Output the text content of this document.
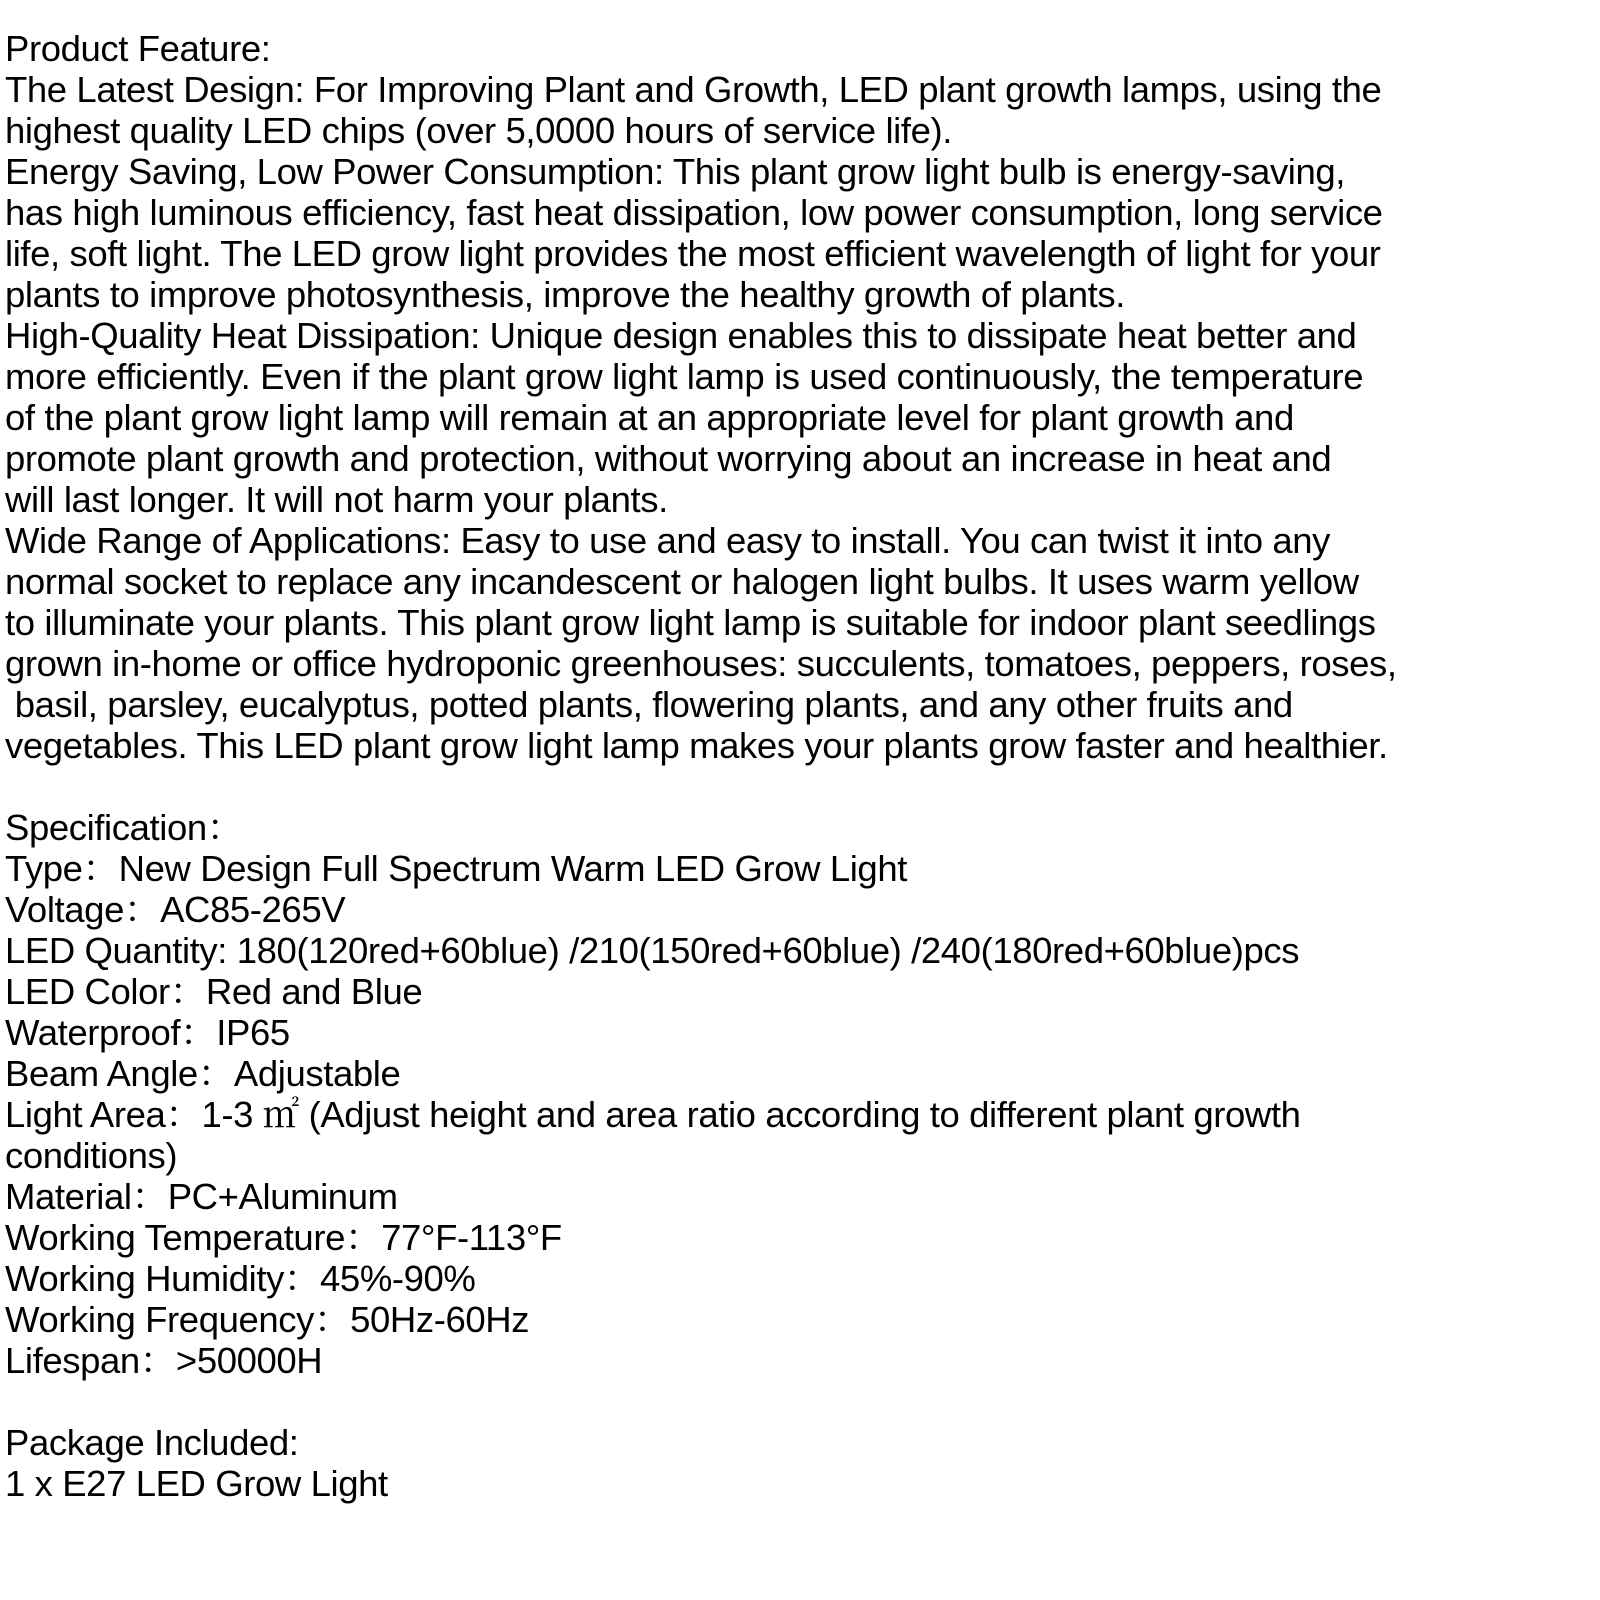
Product Feature:
The Latest Design: For Improving Plant and Growth, LED plant growth lamps, using the
highest quality LED chips (over 5,0000 hours of service life).
Energy Saving, Low Power Consumption: This plant grow light bulb is energy-saving,
has high luminous efficiency, fast heat dissipation, low power consumption, long service
life, soft light. The LED grow light provides the most efficient wavelength of light for your
plants to improve photosynthesis, improve the healthy growth of plants.
High-Quality Heat Dissipation: Unique design enables this to dissipate heat better and
more efficiently. Even if the plant grow light lamp is used continuously, the temperature
of the plant grow light lamp will remain at an appropriate level for plant growth and
promote plant growth and protection, without worrying about an increase in heat and
will last longer. It will not harm your plants.
Wide Range of Applications: Easy to use and easy to install. You can twist it into any
normal socket to replace any incandescent or halogen light bulbs. It uses warm yellow
to illuminate your plants. This plant grow light lamp is suitable for indoor plant seedlings
grown in-home or office hydroponic greenhouses: succulents, tomatoes, peppers, roses,
basil, parsley, eucalyptus, potted plants, flowering plants, and any other fruits and
vegetables. This LED plant grow light lamp makes your plants grow faster and healthier.
Specification：
Type：New Design Full Spectrum Warm LED Grow Light
Voltage：AC85-265V
LED Quantity: 180(120red+60blue) /210(150red+60blue) /240(180red+60blue)pcs
LED Color：Red and Blue
Waterproof：IP65
Beam Angle：Adjustable
Light Area：1-3 ㎡ (Adjust height and area ratio according to different plant growth
conditions)
Material：PC+Aluminum
Working Temperature：77°F-113°F
Working Humidity：45%-90%
Working Frequency：50Hz-60Hz
Lifespan：>50000H
Package Included:
1 x E27 LED Grow Light
